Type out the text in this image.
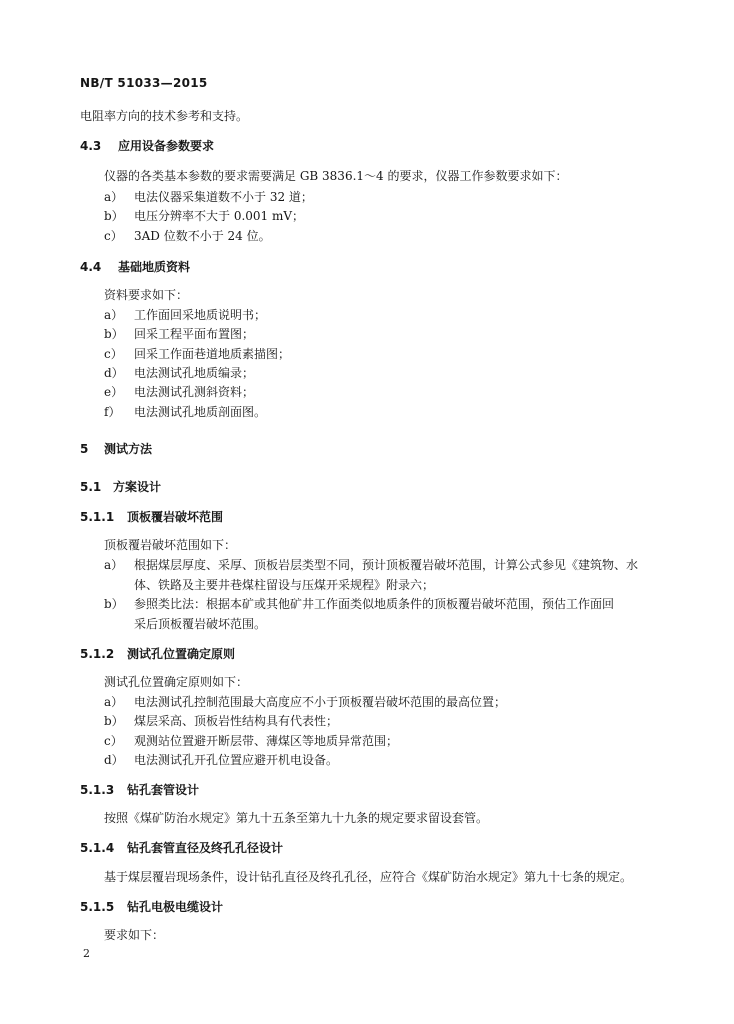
NB/T 51033—2015
电阻率方向的技术参考和支持。
4.3 应用设备参数要求
仪器的各类基本参数的要求需要满足 GB 3836.1～4 的要求，仪器工作参数要求如下：
a） 电法仪器采集道数不小于 32 道；
b） 电压分辨率不大于 0.001 mV；
c） 3AD 位数不小于 24 位。
4.4 基础地质资料
资料要求如下：
a） 工作面回采地质说明书；
b） 回采工程平面布置图；
c） 回采工作面巷道地质素描图；
d） 电法测试孔地质编录；
e） 电法测试孔测斜资料；
f） 电法测试孔地质剖面图。
5 测试方法
5.1 方案设计
5.1.1 顶板覆岩破坏范围
顶板覆岩破坏范围如下：
a） 根据煤层厚度、采厚、顶板岩层类型不同，预计顶板覆岩破坏范围，计算公式参见《建筑物、水
体、铁路及主要井巷煤柱留设与压煤开采规程》附录六；
b） 参照类比法：根据本矿或其他矿井工作面类似地质条件的顶板覆岩破坏范围，预估工作面回
采后顶板覆岩破坏范围。
5.1.2 测试孔位置确定原则
测试孔位置确定原则如下：
a） 电法测试孔控制范围最大高度应不小于顶板覆岩破坏范围的最高位置；
b） 煤层采高、顶板岩性结构具有代表性；
c） 观测站位置避开断层带、薄煤区等地质异常范围；
d） 电法测试孔开孔位置应避开机电设备。
5.1.3 钻孔套管设计
按照《煤矿防治水规定》第九十五条至第九十九条的规定要求留设套管。
5.1.4 钻孔套管直径及终孔孔径设计
基于煤层覆岩现场条件，设计钻孔直径及终孔孔径，应符合《煤矿防治水规定》第九十七条的规定。
5.1.5 钻孔电极电缆设计
要求如下：
2
